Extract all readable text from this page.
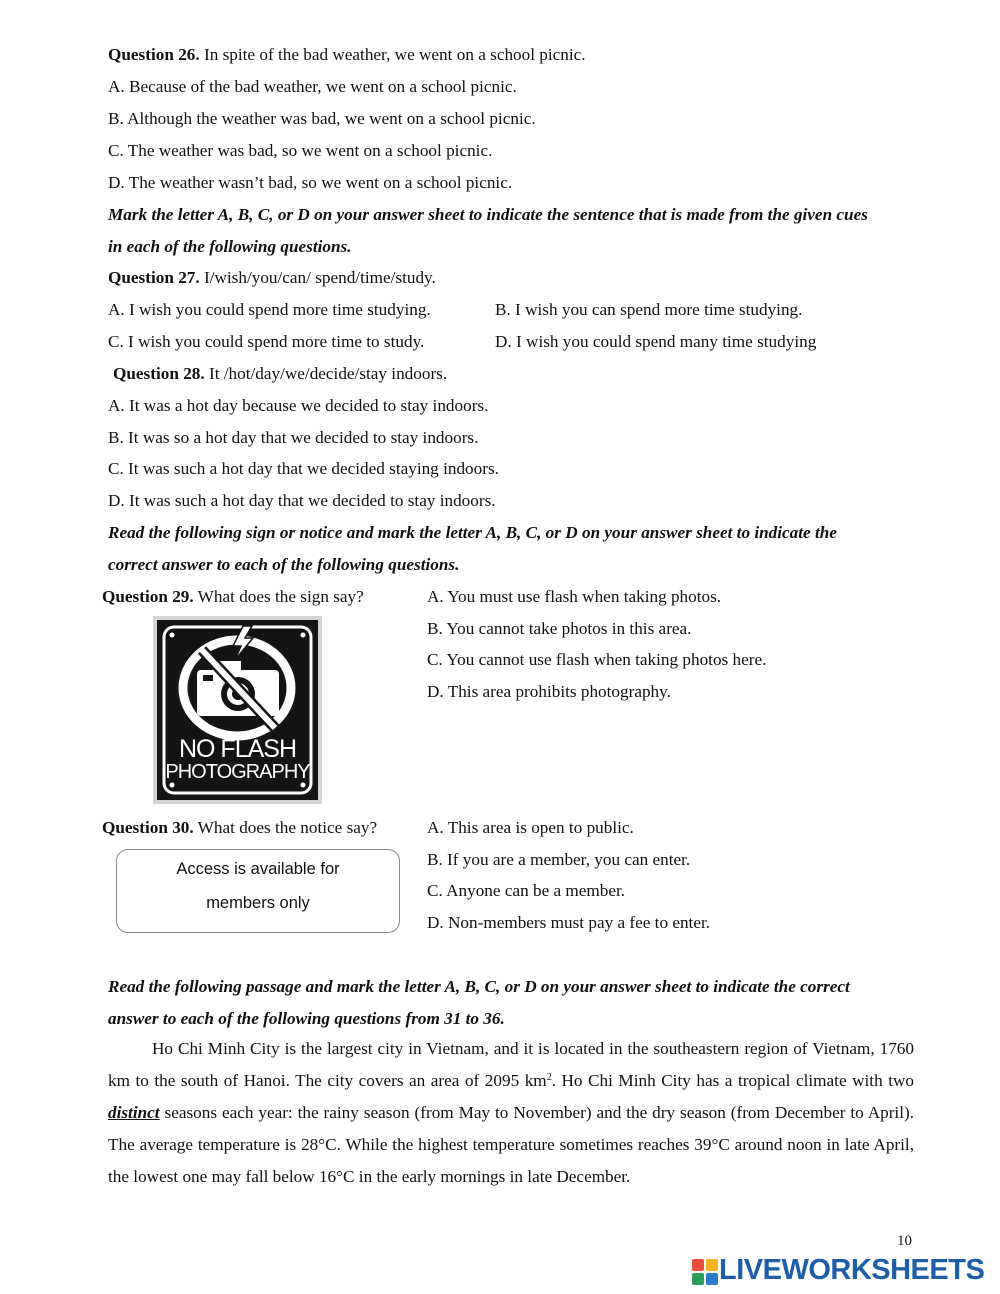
Question 26. In spite of the bad weather, we went on a school picnic.
A. Because of the bad weather, we went on a school picnic.
B. Although the weather was bad, we went on a school picnic.
C. The weather was bad, so we went on a school picnic.
D. The weather wasn’t bad, so we went on a school picnic.
Mark the letter A, B, C, or D on your answer sheet to indicate the sentence that is made from the given cues
in each of the following questions.
Question 27. I/wish/you/can/ spend/time/study.
A. I wish you could spend more time studying.	B. I wish you can spend more time studying.
C. I wish you could spend more time to study.	D. I wish you could spend many time studying
Question 28. It /hot/day/we/decide/stay indoors.
A. It was a hot day because we decided to stay indoors.
B. It was so a hot day that we decided to stay indoors.
C. It was such a hot day that we decided staying indoors.
D. It was such a hot day that we decided to stay indoors.
Read the following sign or notice and mark the letter A, B, C, or D on your answer sheet to indicate the
correct answer to each of the following questions.
Question 29. What does the sign say?	A. You must use flash when taking photos.
B. You cannot take photos in this area.
C. You cannot use flash when taking photos here.
D. This area prohibits photography.
NO FLASH
PHOTOGRAPHY
Question 30. What does the notice say?	A. This area is open to public.
B. If you are a member, you can enter.
C. Anyone can be a member.
D. Non-members must pay a fee to enter.
Access is available for
members only
Read the following passage and mark the letter A, B, C, or D on your answer sheet to indicate the correct
answer to each of the following questions from 31 to 36.

Ho Chi Minh City is the largest city in Vietnam, and it is located in the southeastern region of Vietnam, 1760 km to the south of Hanoi. The city covers an area of 2095 $km^2$. Ho Chi Minh City has a tropical climate with two distinct seasons each year: the rainy season (from May to November) and the dry season (from December to April). The average temperature is 28°C. While the highest temperature sometimes reaches 39°C around noon in late April, the lowest one may fall below 16°C in the early mornings in late December.

10
LIVEWORKSHEETS
